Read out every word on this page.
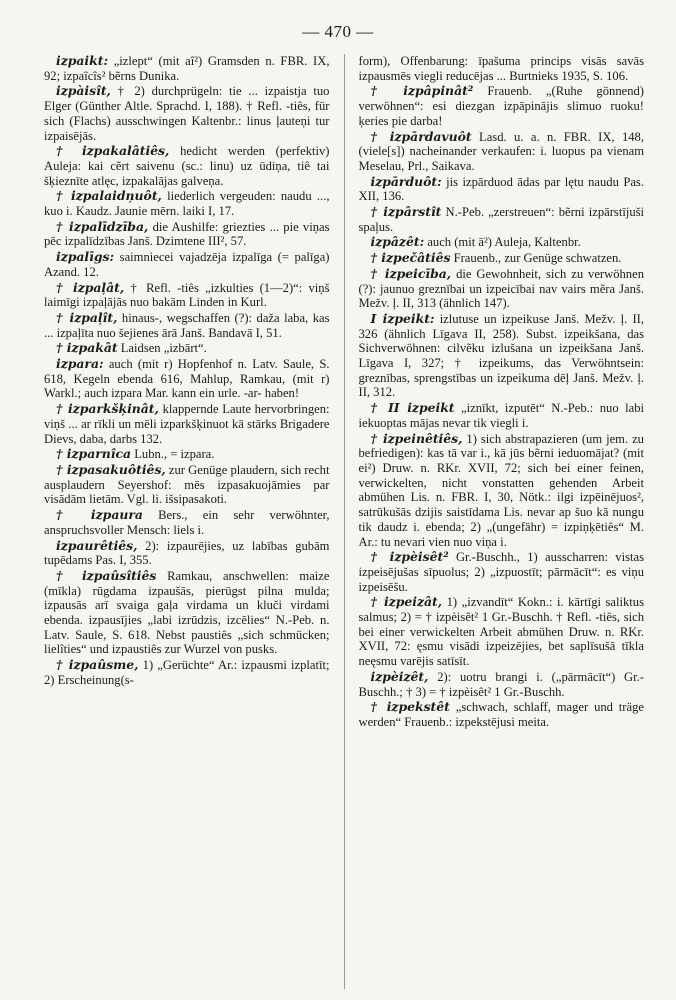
— 470 —

izpaikt: „izlept“ (mit aî²) Gramsden n. FBR. IX, 92; izpaîcîs² bẽrns Dunika.

izpàisît, † 2) durchprügeln: tie ... izpaistja tuo Elger (Günther Altle. Sprachd. I, 188). † Refl. -tiês, für sich (Flachs) ausschwingen Kaltenbr.: linus ļauteņi tur izpaisējās.

† izpakalâtiês, hedicht werden (perfektiv) Auleja: kai cẽrt saivenu (sc.: linu) uz ūdiņa, tiê tai šķieznīte atlęc, izpakalājas galveņa.

† izpalaidņuôt, liederlich vergeuden: naudu ..., kuo i. Kaudz. Jaunie mērn. laiki I, 17.

† izpalīdzība, die Aushilfe: griezties ... pie viņas pēc izpalīdzības Janš. Dzimtene III², 57.

izpalīgs: saimniecei vajadzēja izpalīga (= palīga) Azand. 12.

† izpaļât, † Refl. -tiês „izkulties (1—2)“: viņš laimīgi izpaļājās nuo bakām Linden in Kurl.

† izpaļît, hinaus-, wegschaffen (?): daža laba, kas ... izpaļīta nuo šejienes ārā Janš. Bandavā I, 51.

† izpakât Laidsen „izbārt“.

izpara: auch (mit r) Hopfenhof n. Latv. Saule, S. 618, Kegeln ebenda 616, Mahlup, Ramkau, (mit r) Warkl.; auch izpara Mar. kann ein urle. -ar- haben!

† izparkšķinât, klappernde Laute hervorbringen: viņš ... ar rīkli un mēli izparkšķinuot kā stārks Brigadere Dievs, daba, darbs 132.

† izparnîca Lubn., = izpara.

† izpasakuôtiês, zur Genüge plaudern, sich recht ausplaudern Seyershof: mēs izpasakuojāmies par visādām lietām. Vgl. li. išsipasakoti.

† izpaura Bers., ein sehr verwöhnter, anspruchsvoller Mensch: liels i.

izpaurêtiês, 2): izpaurējies, uz labības gubām tupēdams Pas. I, 355.

† izpaûsîtiês Ramkau, anschwellen: maize (mīkla) rūgdama izpaušās, pierūgst pilna mulda; izpausās arī svaiga gaļa virdama un kluči virdami ebenda. izpausījies „labi izrūdzis, izcēlies“ N.-Peb. n. Latv. Saule, S. 618. Nebst paustiês „sich schmücken; lielîties“ und izpaustiês zur Wurzel von pusks.

† izpaûsme, 1) „Gerüchte“ Ar.: izpausmi izplatīt; 2) Erscheinung(s-

form), Offenbarung: īpašuma princips visās savās izpausmēs viegli reducējas ... Burtnieks 1935, S. 106.

† izpâpinât² Frauenb. „(Ruhe gönnend) verwöhnen“: esi diezgan izpāpinājis slimuo ruoku! ķeries pie darba!

† izpārdavuôt Lasd. u. a. n. FBR. IX, 148, (viele[s]) nacheinander verkaufen: i. luopus pa vienam Meselau, Prl., Saikava.

izpārduôt: jis izpārduod ādas par lętu naudu Pas. XII, 136.

† izpârstît N.-Peb. „zerstreuen“: bẽrni izpārstījuši spaļus.

izpâzêt: auch (mit ā²) Auleja, Kaltenbr.

† izpečâtiês Frauenb., zur Genüge schwatzen.

† izpeicība, die Gewohnheit, sich zu verwöhnen (?): jaunuo greznībai un izpeicībai nav vairs mẽra Janš. Mežv. ļ. II, 313 (ähnlich 147).

I izpeikt: izlutuse un izpeikuse Janš. Mežv. ļ. II, 326 (ähnlich Līgava II, 258). Subst. izpeikšana, das Sichverwöhnen: cilvẽku izlušana un izpeikšana Janš. Līgava I, 327; † izpeikums, das Verwöhntsein: greznības, sprengstības un izpeikuma dēļ Janš. Mežv. ļ. II, 312.

† II izpeikt „iznīkt, izputēt“ N.-Peb.: nuo labi iekuoptas mājas nevar tik viegli i.

† izpeinêtiês, 1) sich abstrapazieren (um jem. zu befriedigen): kas tā var i., kā jūs bẽrni ieduomājat? (mit ei²) Druw. n. RKr. XVII, 72; sich bei einer feinen, verwickelten, nicht vonstatten gehenden Arbeit abmühen Lis. n. FBR. I, 30, Nötk.: ilgi izpēinējuos², satrūkušās dzijis saistīdama Lis. nevar ap šuo kā nungu tik daudz i. ebenda; 2) „(ungefähr) = izpiņķētiês“ M. Ar.: tu nevari vien nuo viņa i.

† izpèisêt² Gr.-Buschh., 1) ausscharren: vistas izpeisējušas sīpuolus; 2) „izpuostīt; pārmācīt“: es viņu izpeisēšu.

† izpeizât, 1) „izvandīt“ Kokn.: i. kārtīgi saliktus salmus; 2) = † izpèisêt² 1 Gr.-Buschh. † Refl. -tiês, sich bei einer verwickelten Arbeit abmühen Druw. n. RKr. XVII, 72: ęsmu visādi izpeizējies, bet saplīsušā tīkla neęsmu varējis satīsīt.

izpèizêt, 2): uotru brangi i. („pārmācīt“) Gr.-Buschh.; † 3) = † izpèisêt² 1 Gr.-Buschh.

† izpekstêt „schwach, schlaff, mager und träge werden“ Frauenb.: izpekstējusi meita.
